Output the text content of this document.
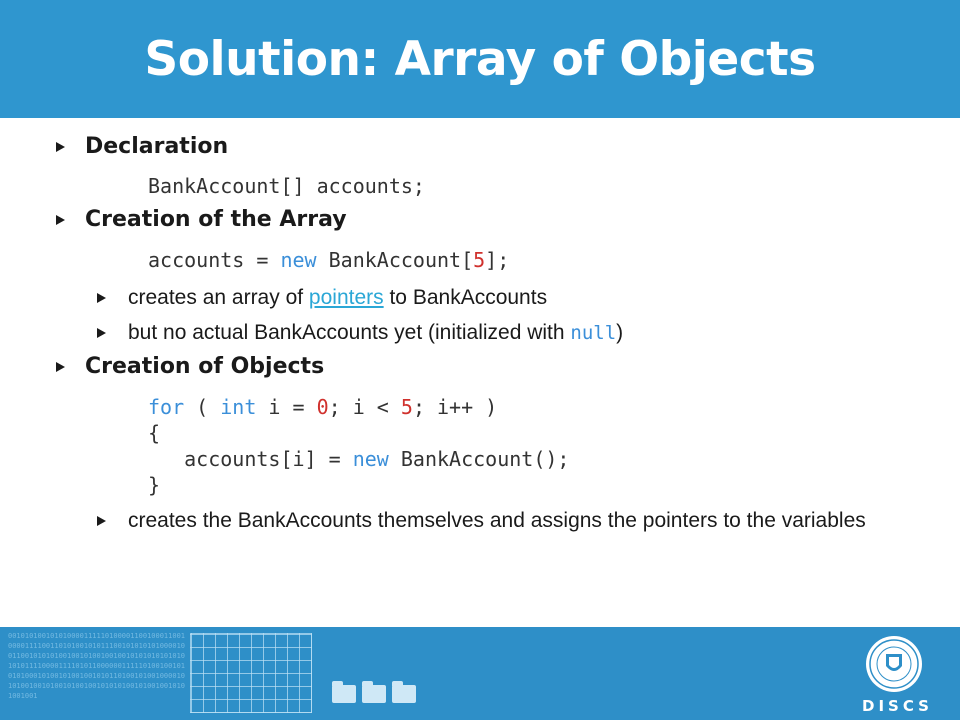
Solution: Array of Objects
Declaration
BankAccount[] accounts;
Creation of the Array
accounts = new BankAccount[5];
creates an array of pointers to BankAccounts
but no actual BankAccounts yet (initialized with null)
Creation of Objects
for ( int i = 0; i < 5; i++ )
{
accounts[i] = new BankAccount();
}
creates the BankAccounts themselves and assigns the pointers to the variables
0010101001010100001111101000011001000110010000111100110101001010111001010101010000100110010101010010010100100100101010101010101010111100001111010110000001111101001001010101000101001010010010101101001010010000101010010010100101001001010101001010010010101001001
DISCS
